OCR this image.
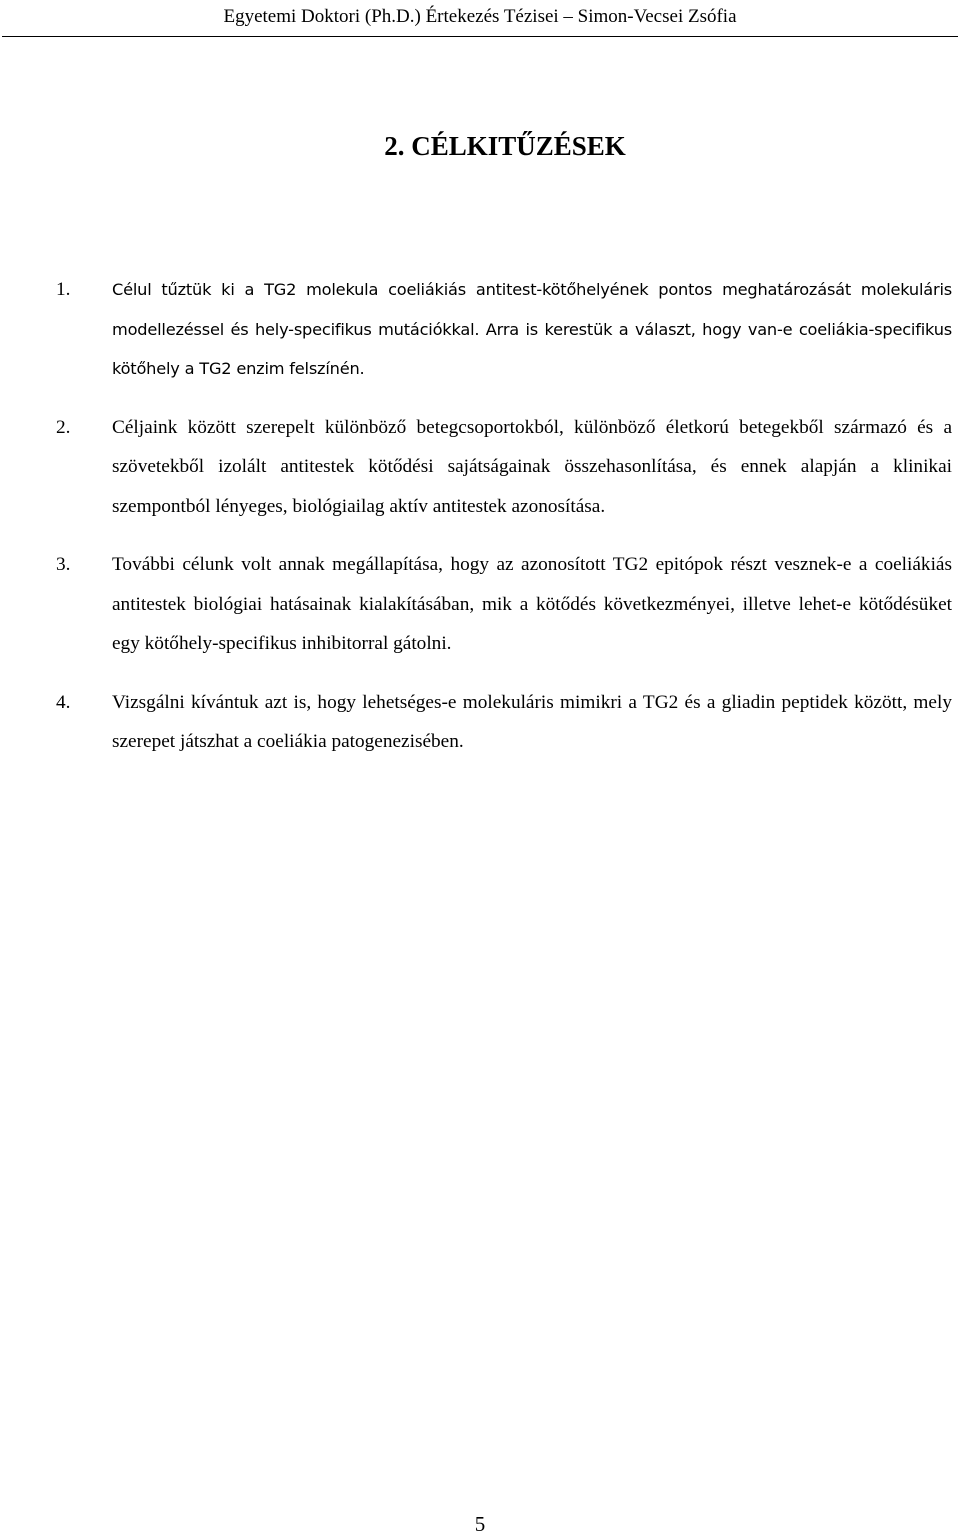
Egyetemi Doktori (Ph.D.) Értekezés Tézisei – Simon-Vecsei Zsófia
2. CÉLKITŰZÉSEK
1.	Célul tűztük ki a TG2 molekula coeliákiás antitest-kötőhelyének pontos meghatározását molekuláris modellezéssel és hely-specifikus mutációkkal. Arra is kerestük a választ, hogy van-e coeliákia-specifikus kötőhely a TG2 enzim felszínén.
2.	Céljaink között szerepelt különböző betegcsoportokból, különböző életkorú betegekből származó és a szövetekből izolált antitestek kötődési sajátságainak összehasonlítása, és ennek alapján a klinikai szempontból lényeges, biológiailag aktív antitestek azonosítása.
3.	További célunk volt annak megállapítása, hogy az azonosított TG2 epitópok részt vesznek-e a coeliákiás antitestek biológiai hatásainak kialakításában, mik a kötődés következményei, illetve lehet-e kötődésüket egy kötőhely-specifikus inhibitorral gátolni.
4.	Vizsgálni kívántuk azt is, hogy lehetséges-e molekuláris mimikri a TG2 és a gliadin peptidek között, mely szerepet játszhat a coeliákia patogenezisében.
5
